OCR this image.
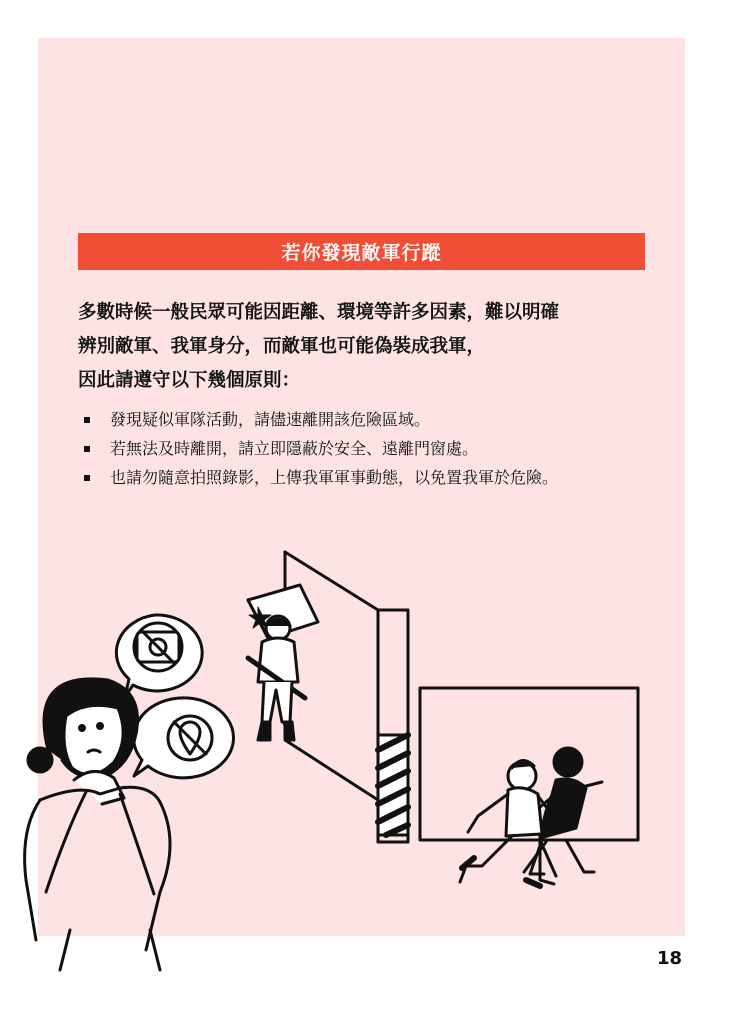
若你發現敵軍行蹤
多數時候一般民眾可能因距離、環境等許多因素，難以明確
辨別敵軍、我軍身分，而敵軍也可能偽裝成我軍，
因此請遵守以下幾個原則：
發現疑似軍隊活動，請儘速離開該危險區域。
若無法及時離開，請立即隱蔽於安全、遠離門窗處。
也請勿隨意拍照錄影，上傳我軍軍事動態，以免置我軍於危險。
18
